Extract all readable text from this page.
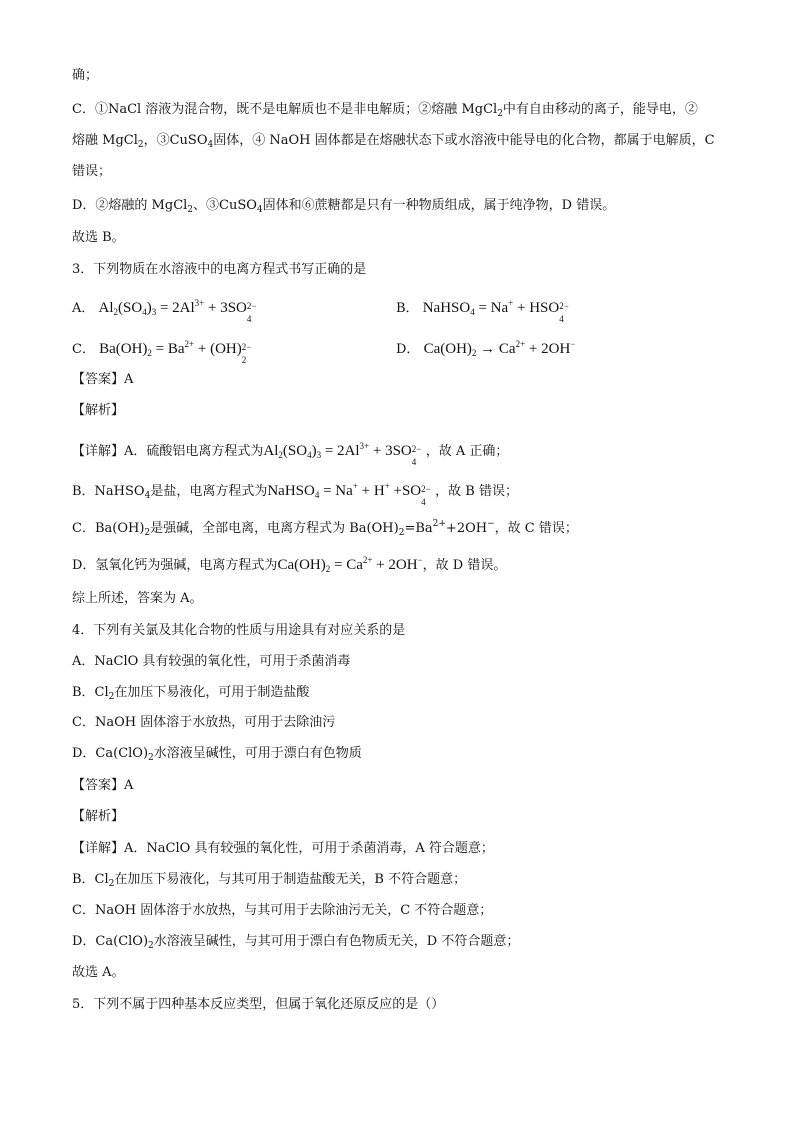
确；
C．①NaCl 溶液为混合物，既不是电解质也不是非电解质；②熔融 MgCl$_2$中有自由移动的离子，能导电，②
熔融 MgCl$_2$，③CuSO$_4$固体，④ NaOH 固体都是在熔融状态下或水溶液中能导电的化合物，都属于电解质，C
错误；
D．②熔融的 MgCl$_2$、③CuSO$_4$固体和⑥蔗糖都是只有一种物质组成，属于纯净物，D 错误。
故选 B。
3．下列物质在水溶液中的电离方程式书写正确的是
A． $Al_2(SO_4)_3 = 2Al^{3+} + 3SO$ 2−
4
B． NaHSO$_4$ = Na+ + HSO 2−
4
C． $Ba(OH)_2 = Ba^{2+} + (OH)$ 2−
2
D． $Ca(OH)_2 \to Ca^{2+} + 2OH^-$
【答案】A
【解析】
【详解】A．硫酸铝电离方程式为$Al_2(SO_4)_3 = 2Al^{3+} + 3SO$ 2−
4
，故 A 正确；
B．NaHSO$_4$是盐，电离方程式为NaHSO$_4$ = Na+ + H+ +SO 2−
4
，故 B 错误；
C．$Ba(OH)_2$是强碱，全部电离，电离方程式为 $Ba(OH)_2=Ba^{2+}+2OH^-$，故 C 错误；
D．氢氧化钙为强碱，电离方程式为$Ca(OH)_2 = Ca^{2+} + 2OH^-$，故 D 错误。
综上所述，答案为 A。
4．下列有关氯及其化合物的性质与用途具有对应关系的是
A．NaClO 具有较强的氧化性，可用于杀菌消毒
B．$Cl_2$在加压下易液化，可用于制造盐酸
C．NaOH 固体溶于水放热，可用于去除油污
D．$Ca(ClO)_2$水溶液呈碱性，可用于漂白有色物质
【答案】A
【解析】
【详解】A．NaClO 具有较强的氧化性，可用于杀菌消毒，A 符合题意；
B．$Cl_2$在加压下易液化，与其可用于制造盐酸无关，B 不符合题意；
C．NaOH 固体溶于水放热，与其可用于去除油污无关，C 不符合题意；
D．$Ca(ClO)_2$水溶液呈碱性，与其可用于漂白有色物质无关，D 不符合题意；
故选 A。
5．下列不属于四种基本反应类型，但属于氧化还原反应的是（）
